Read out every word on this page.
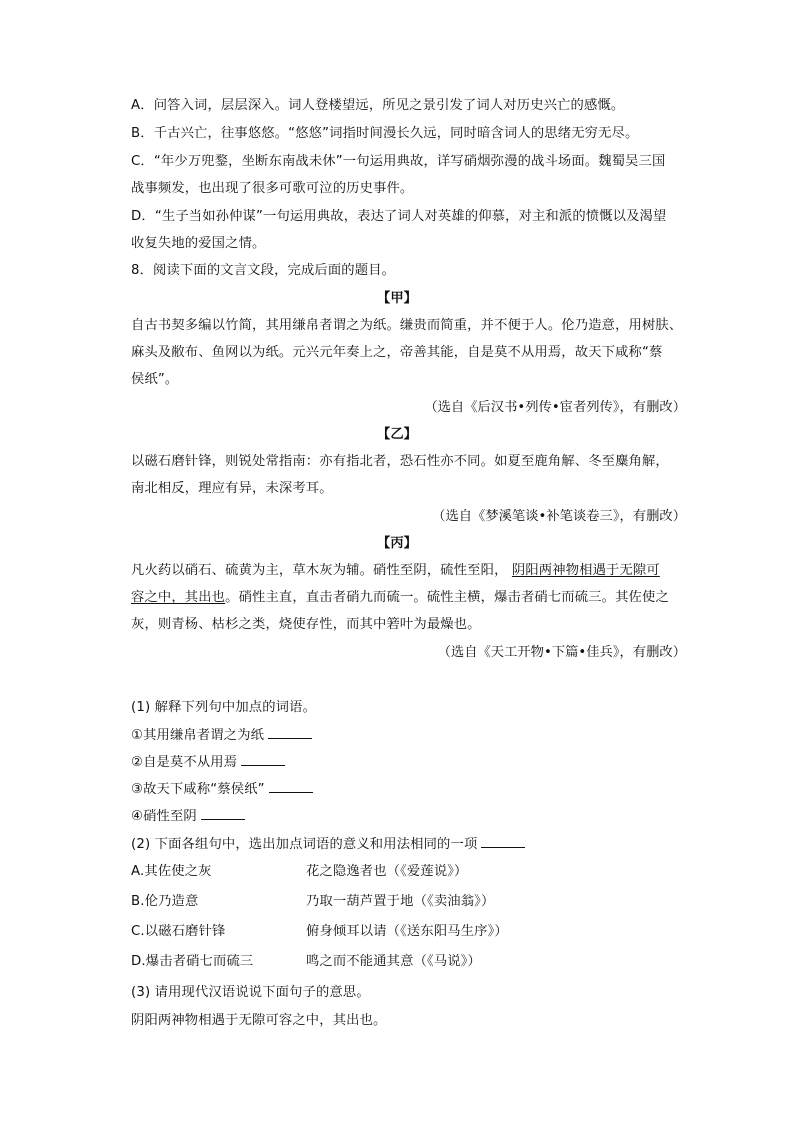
A．问答入词，层层深入。词人登楼望远，所见之景引发了词人对历史兴亡的感慨。
B．千古兴亡，往事悠悠。“悠悠”词指时间漫长久远，同时暗含词人的思绪无穷无尽。
C．“年少万兜鍪，坐断东南战未休”一句运用典故，详写硝烟弥漫的战斗场面。魏蜀吴三国
战事频发，也出现了很多可歌可泣的历史事件。
D．“生子当如孙仲谋”一句运用典故，表达了词人对英雄的仰慕，对主和派的愤慨以及渴望
收复失地的爱国之情。
8．阅读下面的文言文段，完成后面的题目。
【甲】
自古书契多编以竹简，其用缣帛者谓之为纸。缣贵而简重，并不便于人。伦乃造意，用树肤、
麻头及敝布、鱼网以为纸。元兴元年奏上之，帝善其能，自是莫不从用焉，故天下咸称“蔡
侯纸”。
（选自《后汉书•列传•宦者列传》，有删改）
【乙】
以磁石磨针锋，则锐处常指南：亦有指北者，恐石性亦不同。如夏至鹿角解、冬至麋角解，
南北相反，理应有异，未深考耳。
（选自《梦溪笔谈•补笔谈卷三》，有删改）
【丙】
凡火药以硝石、硫黄为主，草木灰为辅。硝性至阴，硫性至阳， 阴阳两神物相遇于无隙可
容之中，其出也。硝性主直，直击者硝九而硫一。硫性主横，爆击者硝七而硫三。其佐使之
灰，则青杨、枯杉之类，烧使存性，而其中箬叶为最燥也。
（选自《天工开物•下篇•佳兵》，有删改）
(1) 解释下列句中加点的词语。
①其用缣帛者谓之为纸
②自是莫不从用焉
③故天下咸称“蔡侯纸”
④硝性至阴
(2) 下面各组句中，选出加点词语的意义和用法相同的一项
A.其佐使之灰	花之隐逸者也（《爱莲说》）
B.伦乃造意	乃取一葫芦置于地（《卖油翁》）
C.以磁石磨针锋	俯身倾耳以请（《送东阳马生序》）
D.爆击者硝七而硫三	鸣之而不能通其意（《马说》）
(3) 请用现代汉语说说下面句子的意思。
阴阳两神物相遇于无隙可容之中，其出也。
